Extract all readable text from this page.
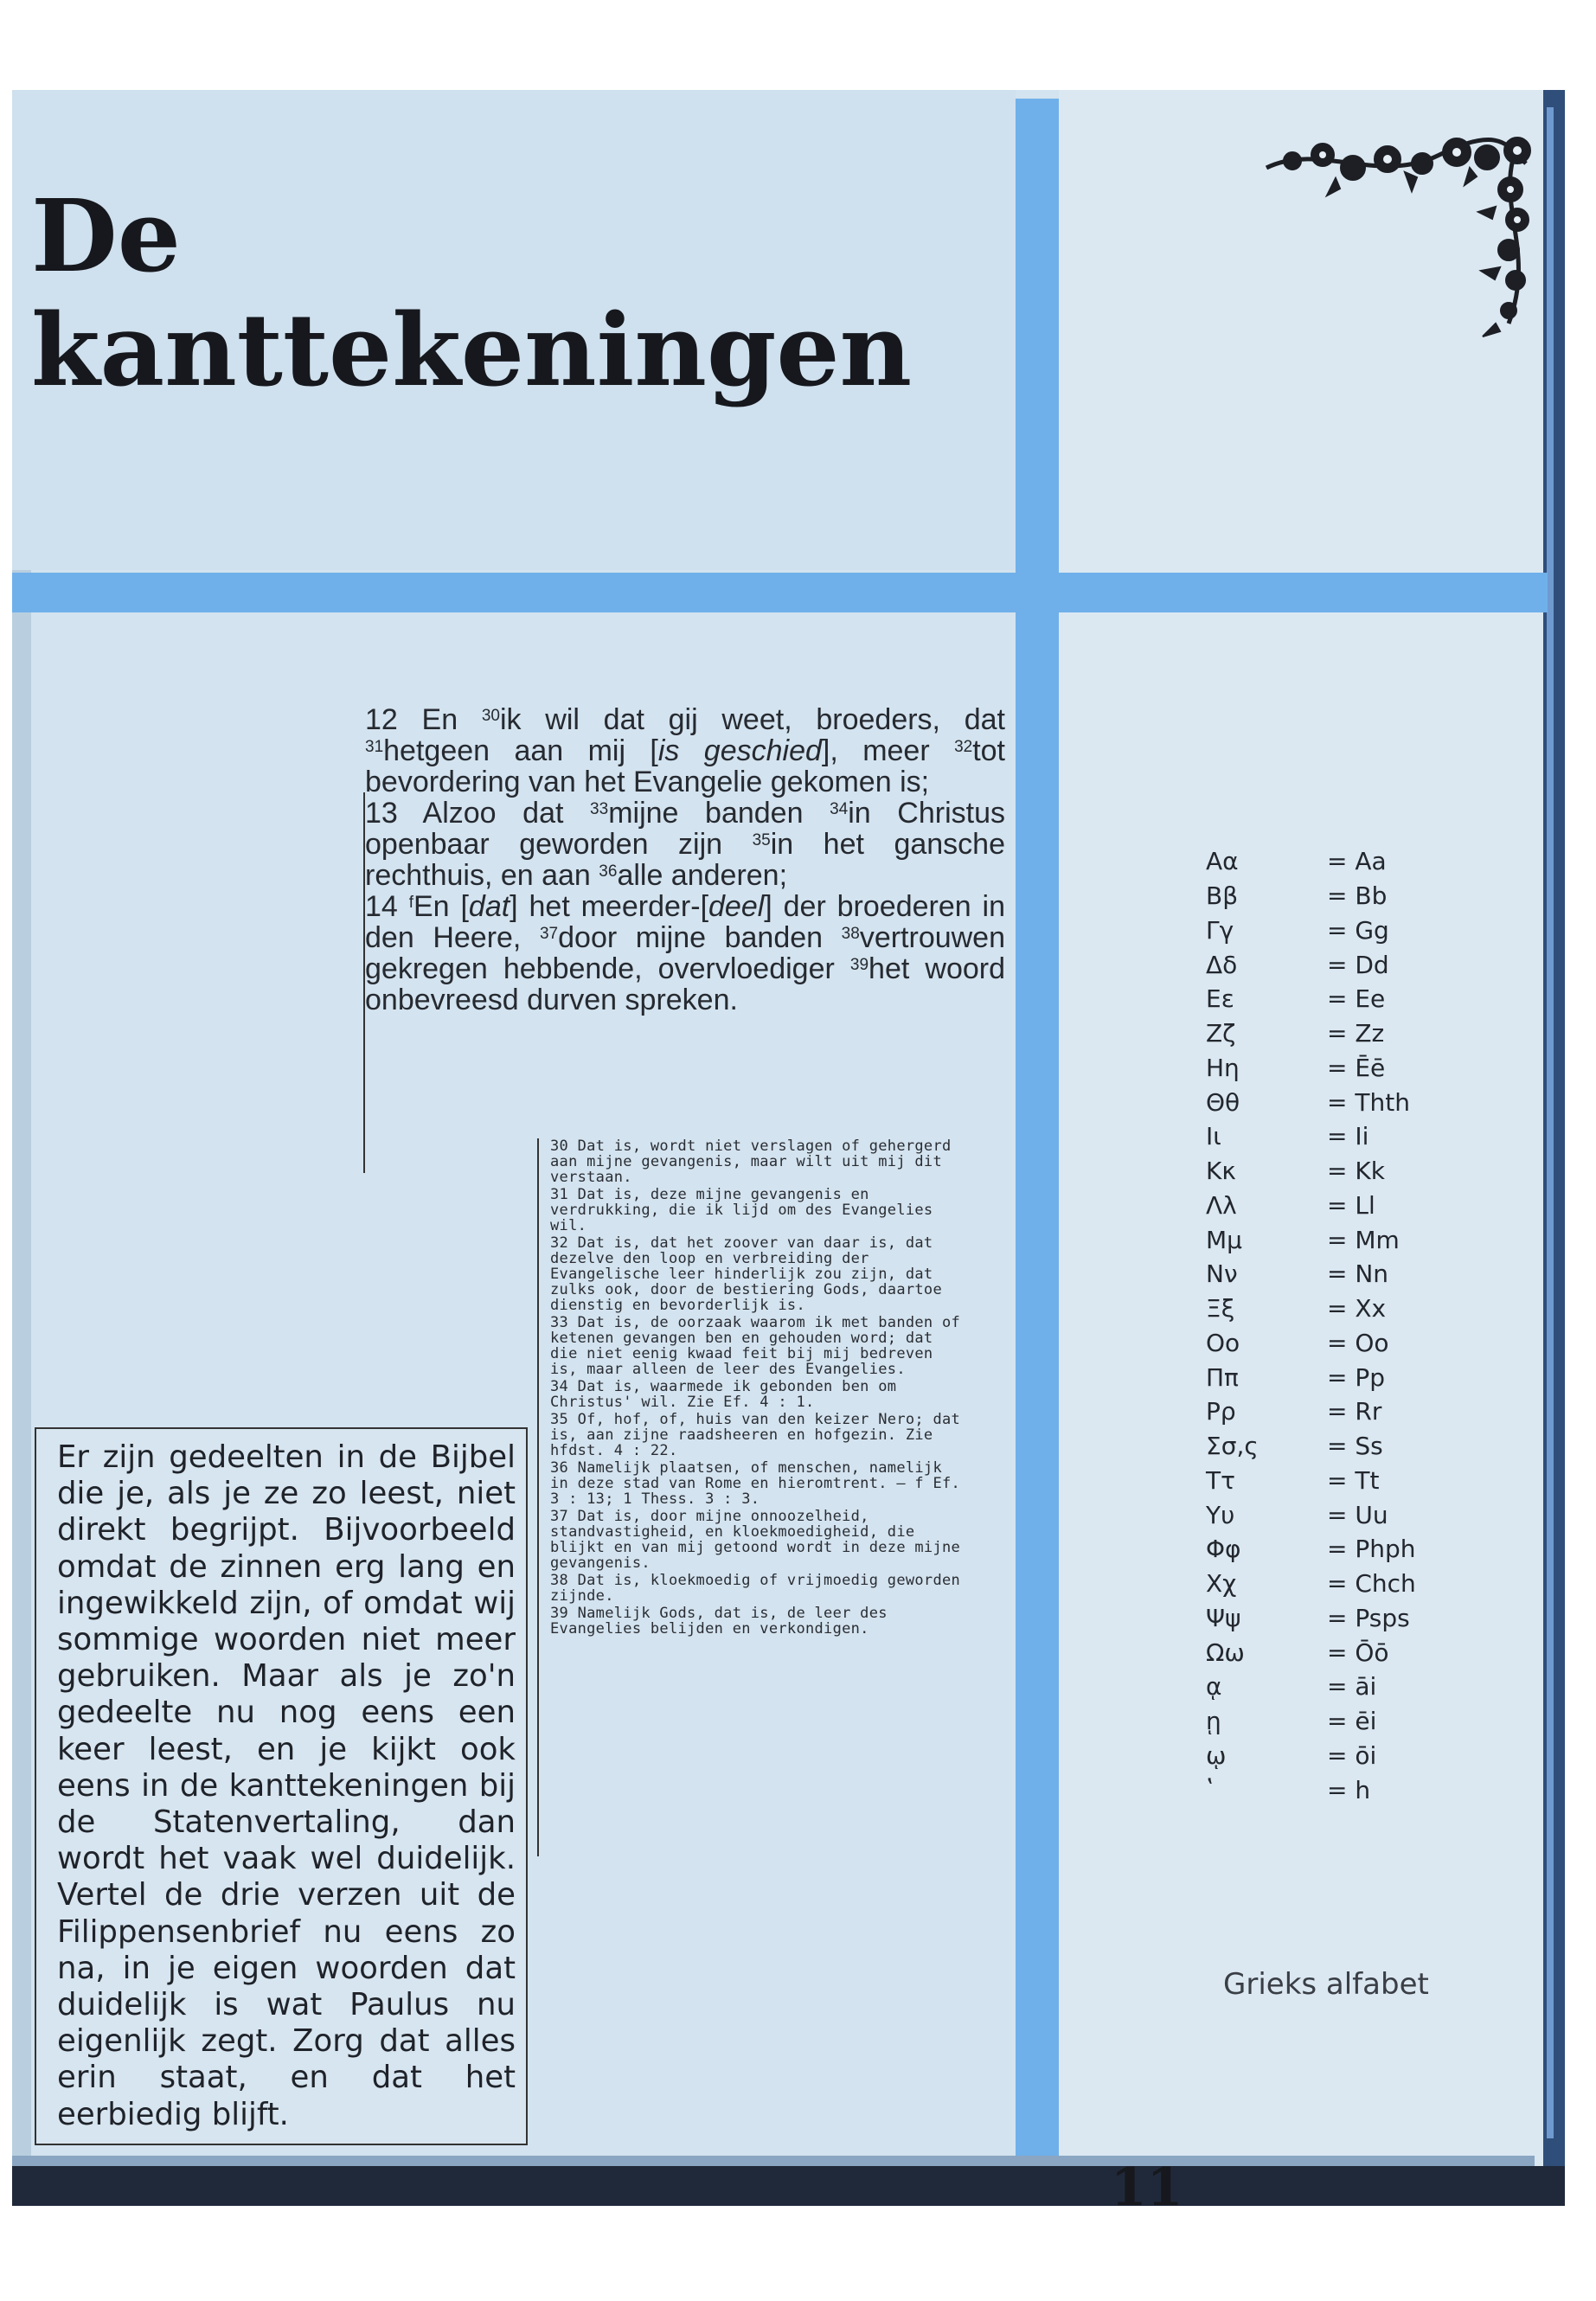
De
kanttekeningen

12 En $^{30}$ik wil dat gij weet, broeders, dat $^{31}$hetgeen aan mij [is geschied], meer $^{32}$tot bevordering van het Evangelie gekomen is;

13 Alzoo dat $^{33}$mijne banden $^{34}$in Christus openbaar geworden zijn $^{35}$in het gansche rechthuis, en aan $^{36}$alle anderen;

14 $^f$En [dat] het meerder-[deel] der broederen in den Heere, $^{37}$door mijne banden $^{38}$vertrouwen gekregen hebbende, overvloediger $^{39}$het woord onbevreesd durven spreken.

30 Dat is, wordt niet verslagen of gehergerd aan mijne gevangenis, maar wilt uit mij dit verstaan.

31 Dat is, deze mijne gevangenis en verdrukking, die ik lijd om des Evangelies wil.

32 Dat is, dat het zoover van daar is, dat dezelve den loop en verbreiding der Evangelische leer hinderlijk zou zijn, dat zulks ook, door de bestiering Gods, daartoe dienstig en bevorderlijk is.

33 Dat is, de oorzaak waarom ik met banden of ketenen gevangen ben en gehouden word; dat die niet eenig kwaad feit bij mij bedreven is, maar alleen de leer des Evangelies.

34 Dat is, waarmede ik gebonden ben om Christus' wil. Zie Ef. 4 : 1.

35 Of, hof, of, huis van den keizer Nero; dat is, aan zijne raadsheeren en hofgezin. Zie hfdst. 4 : 22.

36 Namelijk plaatsen, of menschen, namelijk in deze stad van Rome en hieromtrent. — f Ef. 3 : 13; 1 Thess. 3 : 3.

37 Dat is, door mijne onnoozelheid, standvastigheid, en kloekmoedigheid, die blijkt en van mij getoond wordt in deze mijne gevangenis.

38 Dat is, kloekmoedig of vrijmoedig geworden zijnde.

39 Namelijk Gods, dat is, de leer des Evangelies belijden en verkondigen.

Er zijn gedeelten in de Bijbel die je, als je ze zo leest, niet direkt begrijpt. Bijvoorbeeld omdat de zinnen erg lang en ingewikkeld zijn, of omdat wij sommige woorden niet meer gebruiken. Maar als je zo'n gedeelte nu nog eens een keer leest, en je kijkt ook eens in de kanttekeningen bij de Statenvertaling, dan wordt het vaak wel duidelijk. Vertel de drie verzen uit de Filippensenbrief nu eens zo na, in je eigen woorden dat duidelijk is wat Paulus nu eigenlijk zegt. Zorg dat alles erin staat, en dat het eerbiedig blijft.

Αα	= Aa
Ββ	= Bb
Γγ	= Gg
Δδ	= Dd
Εε	= Ee
Ζζ	= Zz
Ηη	= Ēē
Θθ	= Thth
Ιι	= Ii
Κκ	= Kk
Λλ	= Ll
Μμ	= Mm
Νν	= Nn
Ξξ	= Xx
Οο	= Oo
Ππ	= Pp
Ρρ	= Rr
Σσ,ς	= Ss
Ττ	= Tt
Υυ	= Uu
Φφ	= Phph
Χχ	= Chch
Ψψ	= Psps
Ωω	= Ōō
ᾳ	= āi
ῃ	= ēi
ῳ	= ōi
ʽ	= h

Grieks alfabet

11
